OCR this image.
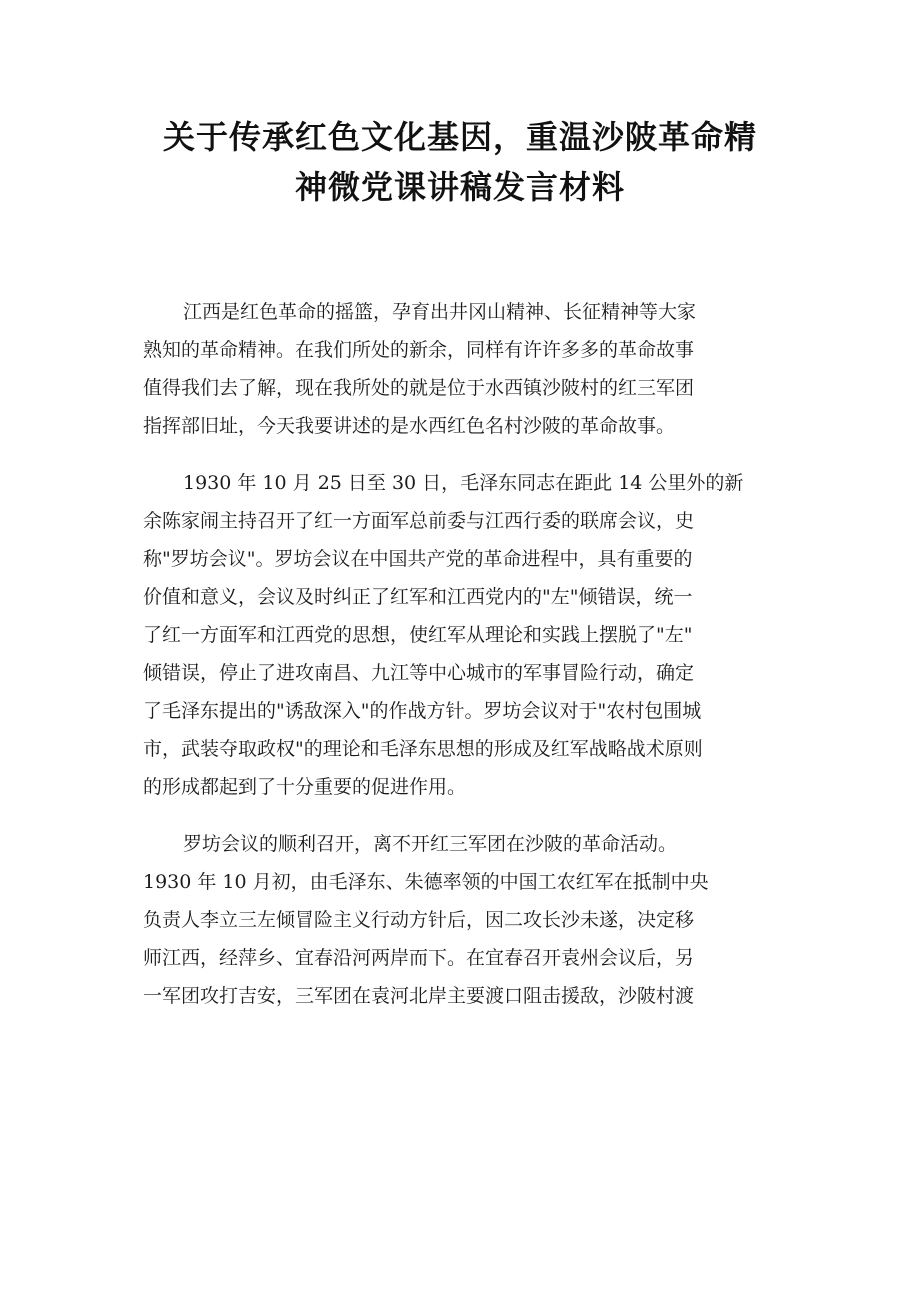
关于传承红色文化基因，重温沙陂革命精
神微党课讲稿发言材料
江西是红色革命的摇篮，孕育出井冈山精神、长征精神等大家
熟知的革命精神。在我们所处的新余，同样有许许多多的革命故事
值得我们去了解，现在我所处的就是位于水西镇沙陂村的红三军团
指挥部旧址，今天我要讲述的是水西红色名村沙陂的革命故事。
1930 年 10 月 25 日至 30 日，毛泽东同志在距此 14 公里外的新
余陈家闹主持召开了红一方面军总前委与江西行委的联席会议，史
称"罗坊会议"。罗坊会议在中国共产党的革命进程中，具有重要的
价值和意义，会议及时纠正了红军和江西党内的"左"倾错误，统一
了红一方面军和江西党的思想，使红军从理论和实践上摆脱了"左"
倾错误，停止了进攻南昌、九江等中心城市的军事冒险行动，确定
了毛泽东提出的"诱敌深入"的作战方针。罗坊会议对于"农村包围城
市，武装夺取政权"的理论和毛泽东思想的形成及红军战略战术原则
的形成都起到了十分重要的促进作用。
罗坊会议的顺利召开，离不开红三军团在沙陂的革命活动。
1930 年 10 月初，由毛泽东、朱德率领的中国工农红军在抵制中央
负责人李立三左倾冒险主义行动方针后，因二攻长沙未遂，决定移
师江西，经萍乡、宜春沿河两岸而下。在宜春召开袁州会议后，另
一军团攻打吉安，三军团在袁河北岸主要渡口阻击援敌，沙陂村渡
